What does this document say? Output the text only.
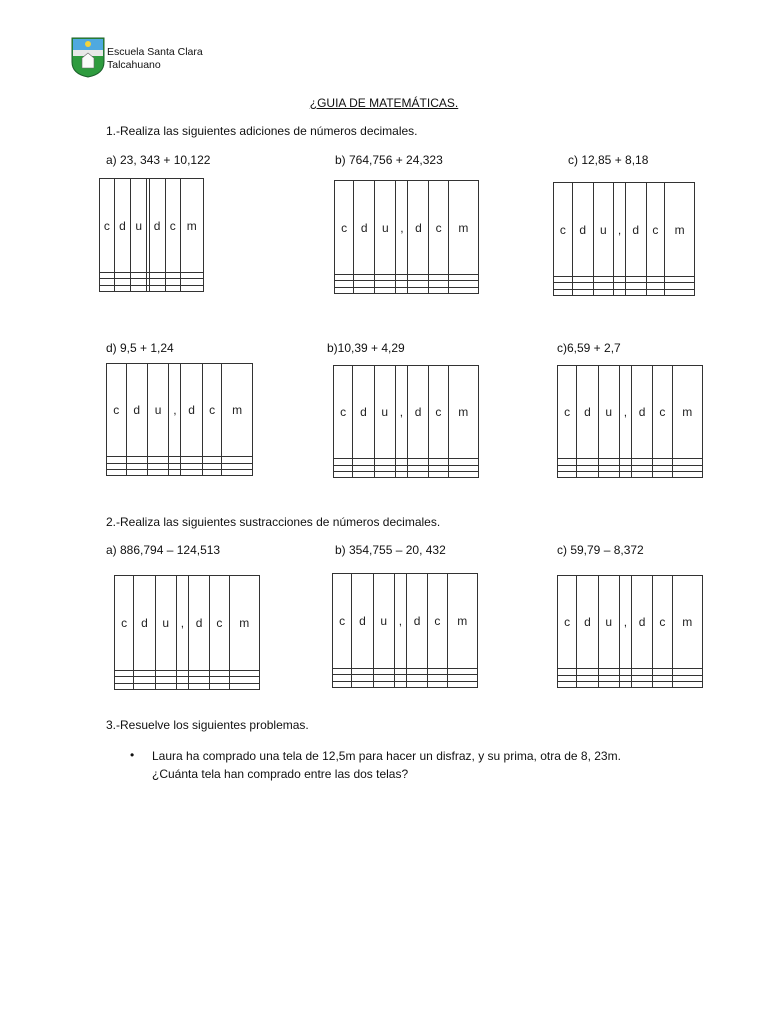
Escuela Santa Clara
Talcahuano
¿GUIA DE MATEMÁTICAS.
1.-Realiza las siguientes adiciones de números decimales.
a) 23, 343 + 10,122	b) 764,756 + 24,323	c) 12,85 + 8,18
c	d	u		d	c	m

							c	d	u	,	d	c	m

							c	d	u	,	d	c	m

d) 9,5 + 1,24	b)10,39 + 4,29	c)6,59 + 2,7
c	d	u	,	d	c	m

							c	d	u	,	d	c	m

							c	d	u	,	d	c	m

2.-Realiza las siguientes sustracciones de números decimales.
a) 886,794 – 124,513	b) 354,755 – 20, 432	c) 59,79 – 8,372
c	d	u	,	d	c	m

							c	d	u	,	d	c	m

							c	d	u	,	d	c	m

3.-Resuelve los siguientes problemas.
• Laura ha comprado una tela de 12,5m para hacer un disfraz, y su prima, otra de 8, 23m.
¿Cuánta tela han comprado entre las dos telas?
